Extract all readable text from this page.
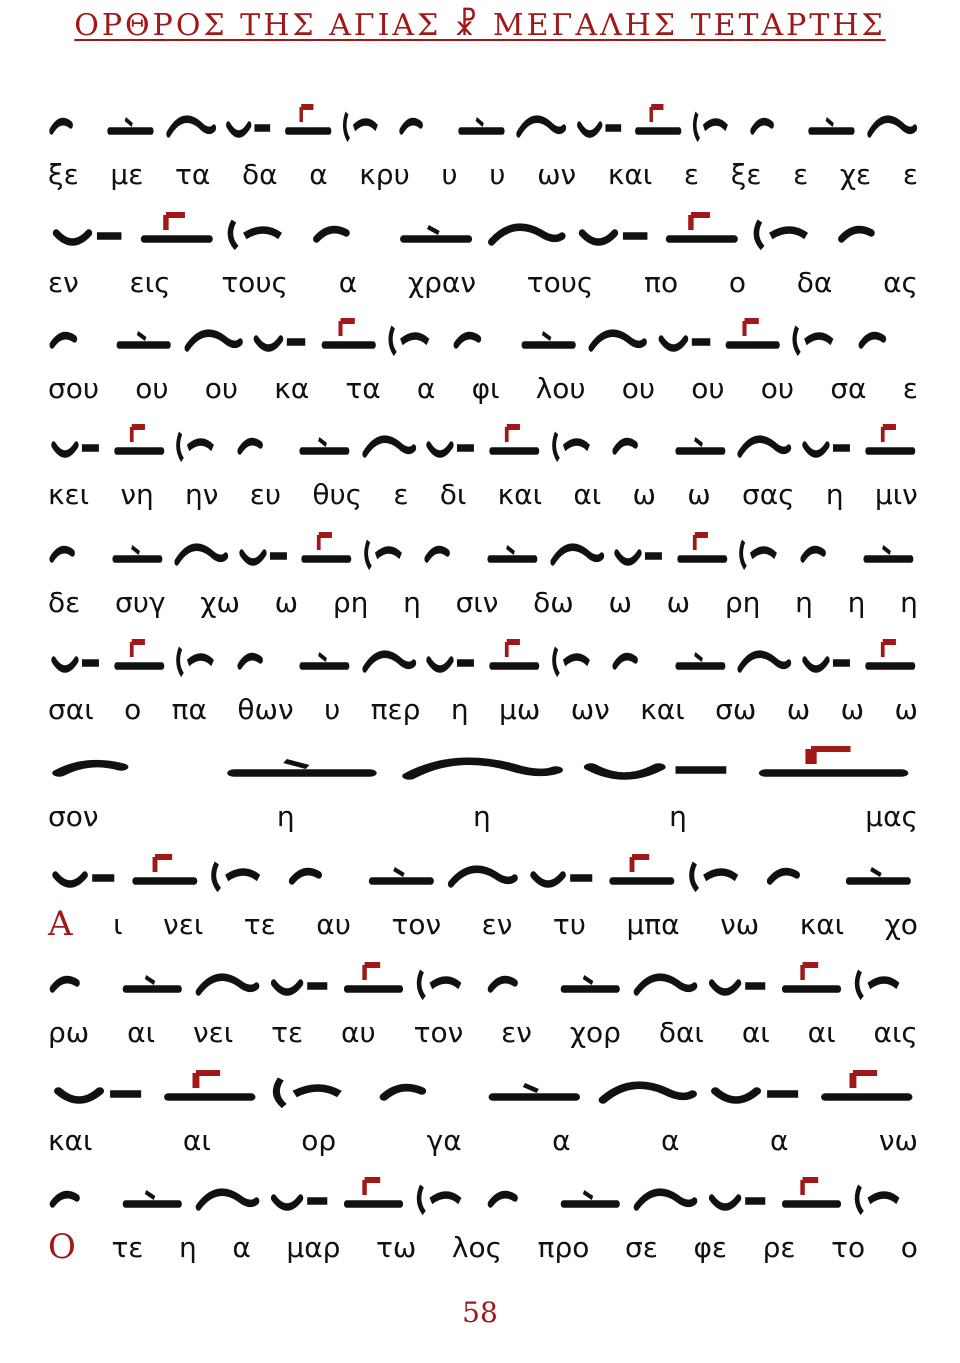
ΟΡΘΡΟΣ ΤΗΣ ΑΓΙΑΣ ☧ ΜΕΓΑΛΗΣ ΤΕΤΑΡΤΗΣ
ξε με τα δα α κρυ υ υ ων και ε ξε ε χε ε
εν εις τους α χραν τους πο ο δα ας
σου ου ου κα τα α φι λου ου ου ου σα ε
κει νη ην ευ θυς ε δι και αι ω ω σας η μιν
δε συγ χω ω ρη η σιν δω ω ω ρη η η η
σαι ο πα θων υ περ η μω ων και σω ω ω ω
σον	η	η	η	μας
Α ι νει τε αυ τον εν τυ μπα νω και χο
ρω αι νει τε αυ τον εν χορ δαι αι αι αις
και	αι	ορ	γα	α	α	α	νω
Ο τε η α μαρ τω λος προ σε φε ρε το ο
58
